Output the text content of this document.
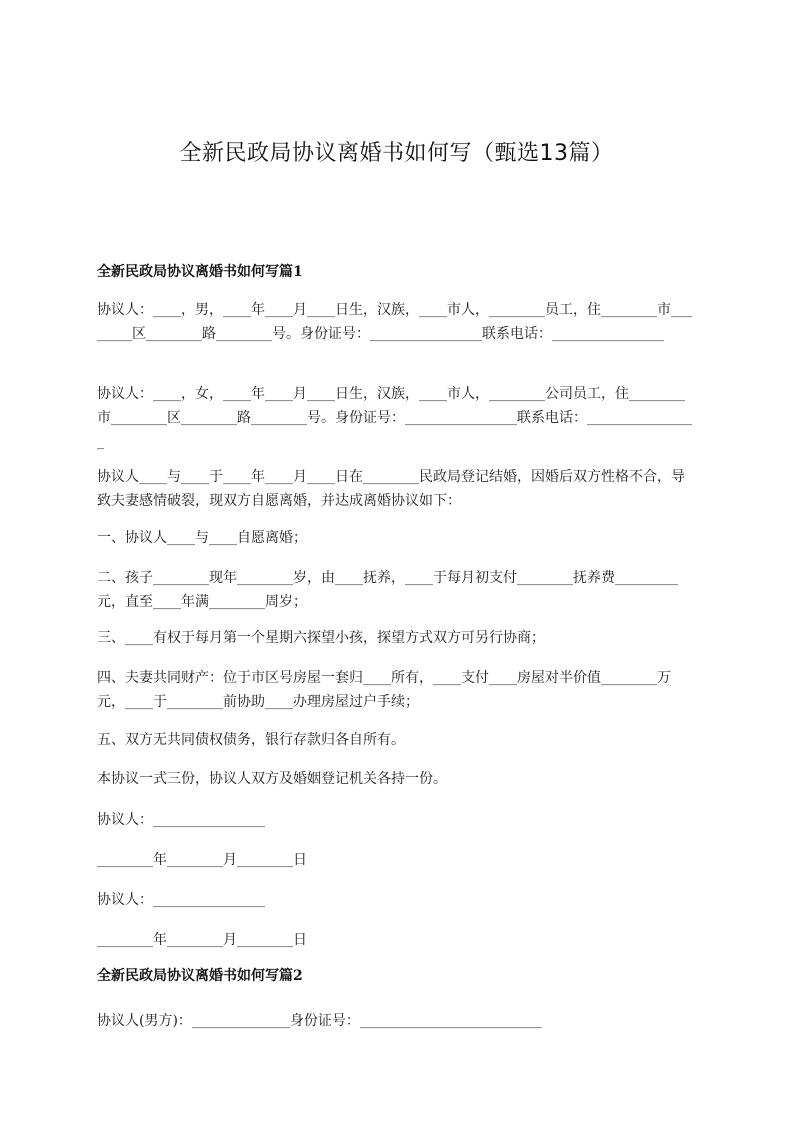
全新民政局协议离婚书如何写（甄选13篇）
全新民政局协议离婚书如何写篇1
协议人：____，男，____年____月____日生，汉族，____市人，________员工，住________市________区________路________号。身份证号：________________联系电话：________________
协议人：____，女，____年____月____日生，汉族，____市人，________公司员工，住________市________区________路________号。身份证号：________________联系电话：________________
协议人____与____于____年____月____日在________民政局登记结婚，因婚后双方性格不合，导致夫妻感情破裂，现双方自愿离婚，并达成离婚协议如下：
一、协议人____与____自愿离婚；
二、孩子________现年________岁，由____抚养，____于每月初支付________抚养费_________元，直至____年满________周岁；
三、____有权于每月第一个星期六探望小孩，探望方式双方可另行协商；
四、夫妻共同财产：位于市区号房屋一套归____所有，____支付____房屋对半价值________万元，____于________前协助____办理房屋过户手续；
五、双方无共同债权债务，银行存款归各自所有。
本协议一式三份，协议人双方及婚姻登记机关各持一份。
协议人：________________
________年________月________日
协议人：________________
________年________月________日
全新民政局协议离婚书如何写篇2
协议人(男方)：______________身份证号：__________________________
